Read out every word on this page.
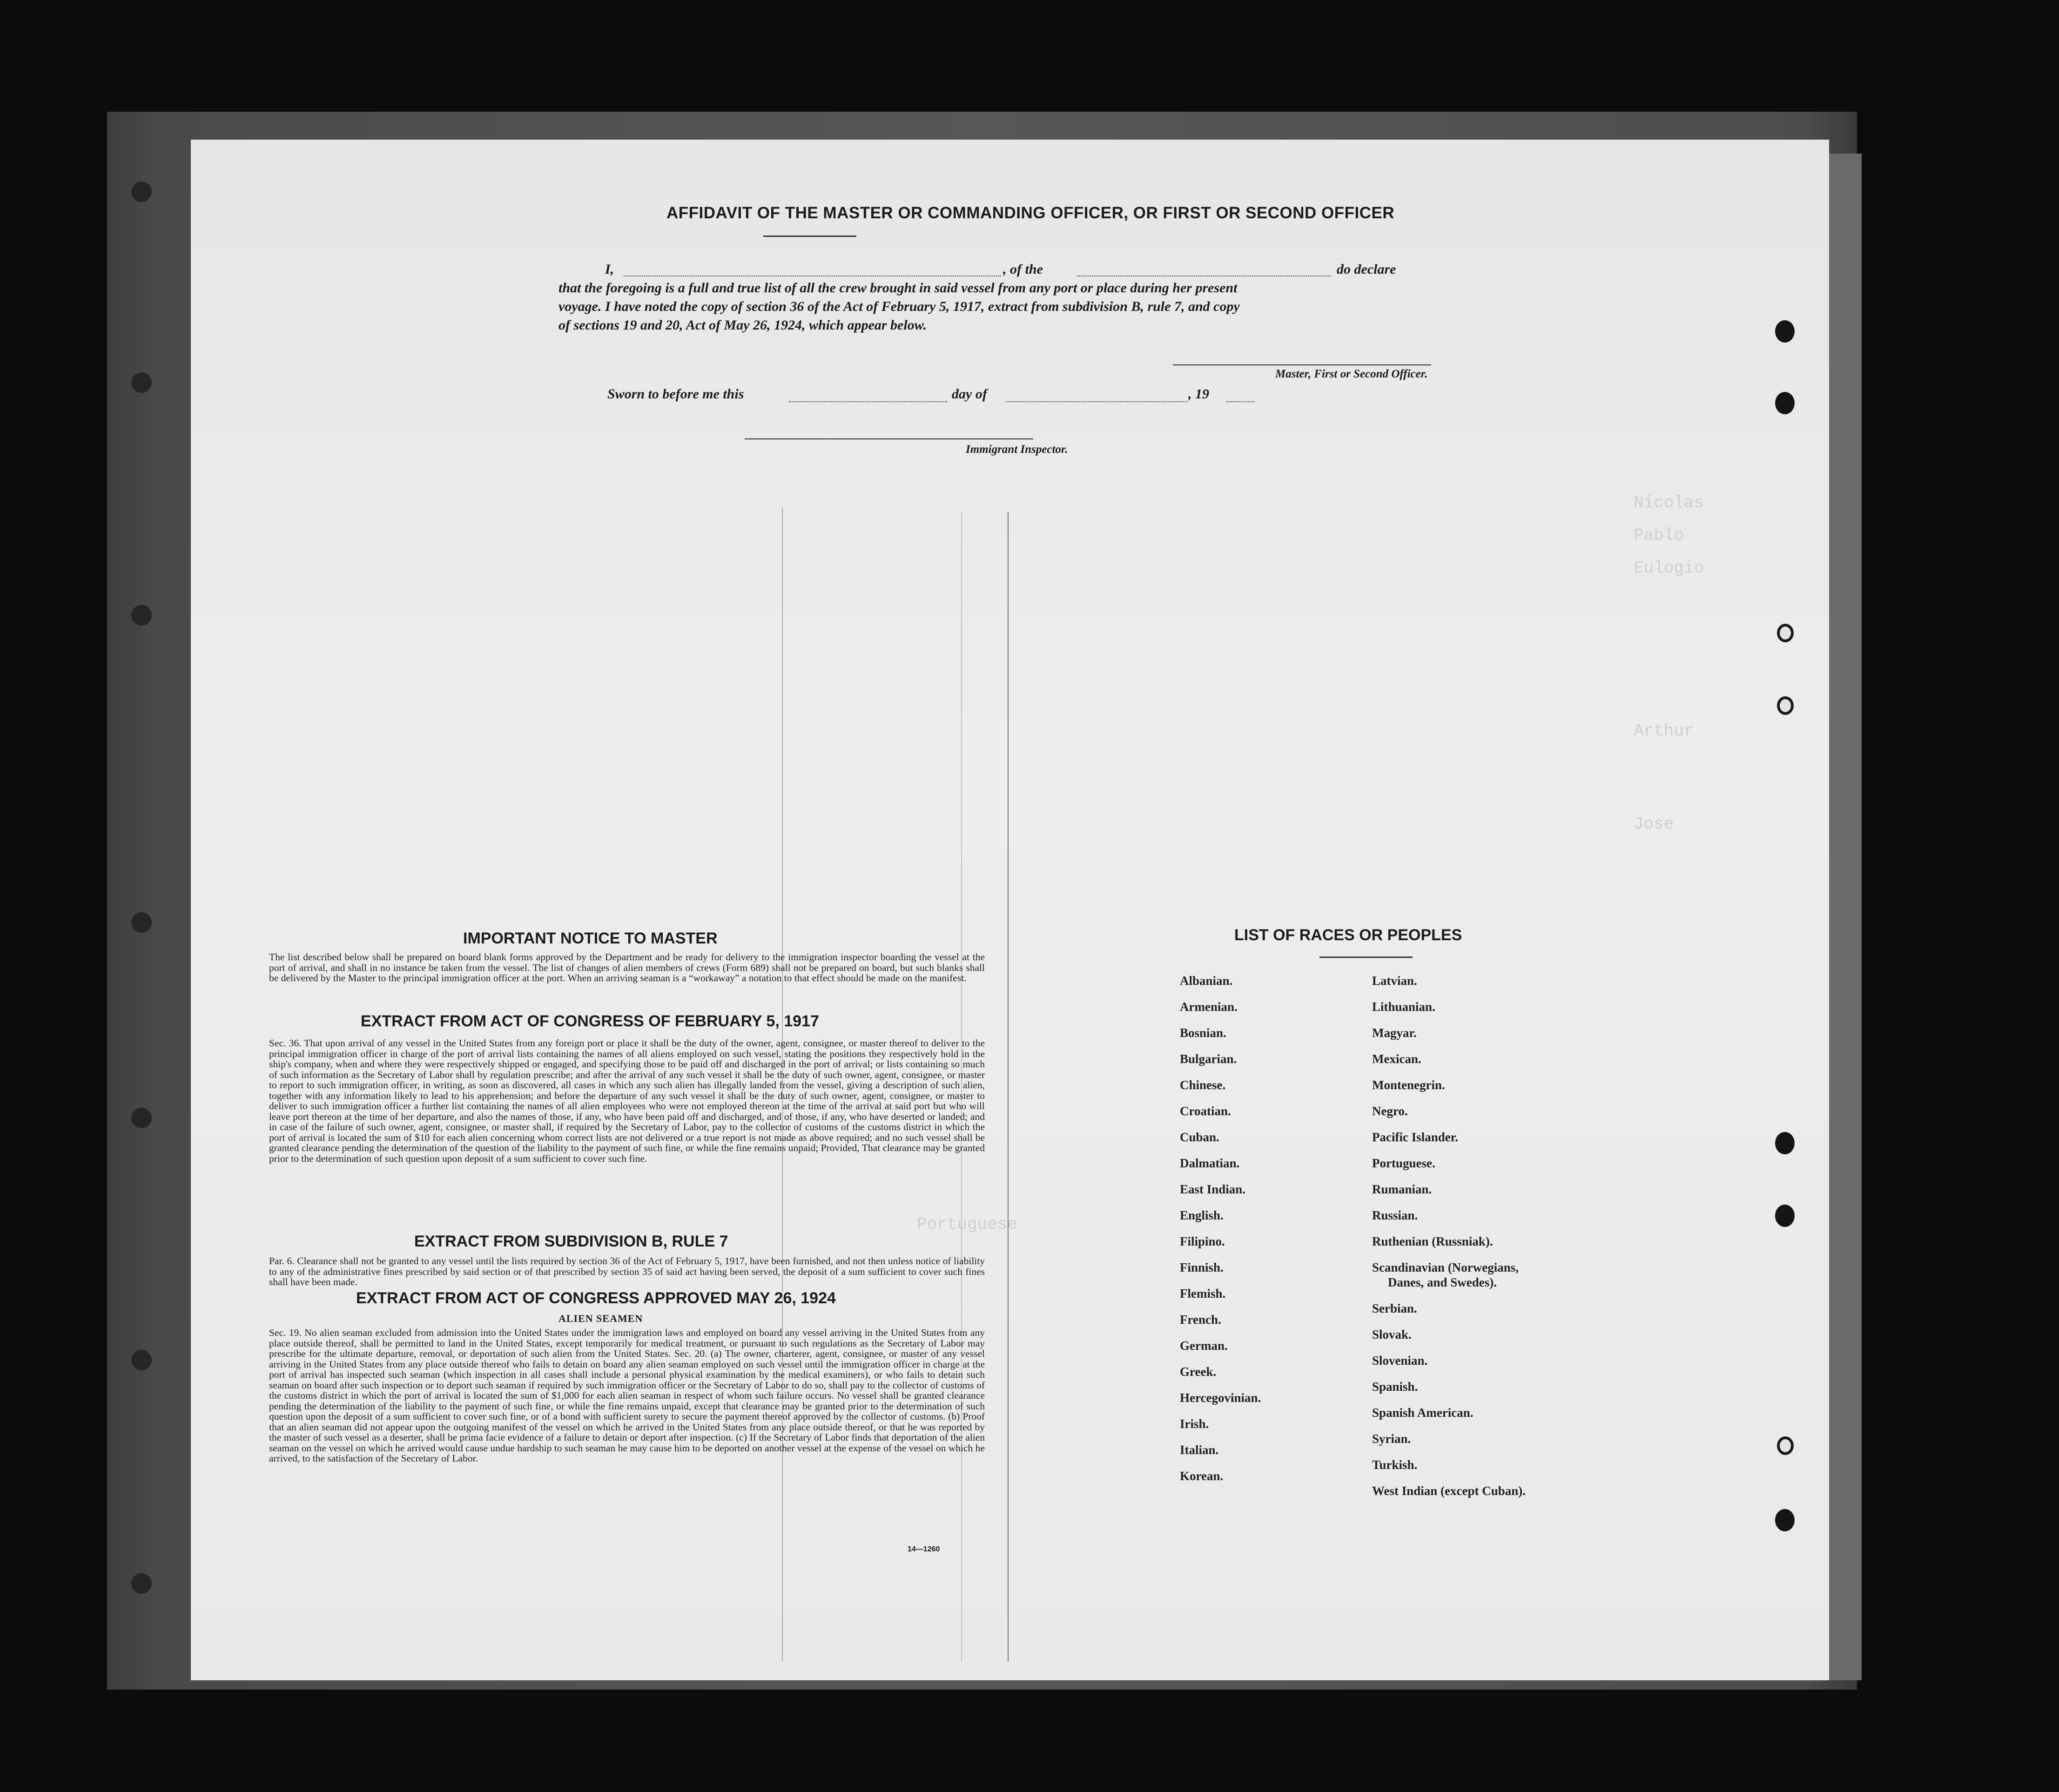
Nicolas
Pablo
Eulogio
Arthur
Jose
Portuguese
AFFIDAVIT OF THE MASTER OR COMMANDING OFFICER, OR FIRST OR SECOND OFFICER
I,	, of the	do declare
that the foregoing is a full and true list of all the crew brought in said vessel from any port or place during her present
voyage. I have noted the copy of section 36 of the Act of February 5, 1917, extract from subdivision B, rule 7, and copy
of sections 19 and 20, Act of May 26, 1924, which appear below.
Master, First or Second Officer.
Sworn to before me this	day of	, 19
Immigrant Inspector.
IMPORTANT NOTICE TO MASTER
The list described below shall be prepared on board blank forms approved by the Department and be ready for delivery to the immigration inspector boarding the vessel at the port of arrival, and shall in no instance be taken from the vessel. The list of changes of alien members of crews (Form 689) shall not be prepared on board, but such blanks shall be delivered by the Master to the principal immigration officer at the port. When an arriving seaman is a “workaway” a notation to that effect should be made on the manifest.
EXTRACT FROM ACT OF CONGRESS OF FEBRUARY 5, 1917
Sec. 36. That upon arrival of any vessel in the United States from any foreign port or place it shall be the duty of the owner, agent, consignee, or master thereof to deliver to the principal immigration officer in charge of the port of arrival lists containing the names of all aliens employed on such vessel, stating the positions they respectively hold in the ship's company, when and where they were respectively shipped or engaged, and specifying those to be paid off and discharged in the port of arrival; or lists containing so much of such information as the Secretary of Labor shall by regulation prescribe; and after the arrival of any such vessel it shall be the duty of such owner, agent, consignee, or master to report to such immigration officer, in writing, as soon as discovered, all cases in which any such alien has illegally landed from the vessel, giving a description of such alien, together with any information likely to lead to his apprehension; and before the departure of any such vessel it shall be the duty of such owner, agent, consignee, or master to deliver to such immigration officer a further list containing the names of all alien employees who were not employed thereon at the time of the arrival at said port but who will leave port thereon at the time of her departure, and also the names of those, if any, who have been paid off and discharged, and of those, if any, who have deserted or landed; and in case of the failure of such owner, agent, consignee, or master shall, if required by the Secretary of Labor, pay to the collector of customs of the customs district in which the port of arrival is located the sum of $10 for each alien concerning whom correct lists are not delivered or a true report is not made as above required; and no such vessel shall be granted clearance pending the determination of the question of the liability to the payment of such fine, or while the fine remains unpaid; Provided, That clearance may be granted prior to the determination of such question upon deposit of a sum sufficient to cover such fine.
EXTRACT FROM SUBDIVISION B, RULE 7
Par. 6. Clearance shall not be granted to any vessel until the lists required by section 36 of the Act of February 5, 1917, have been furnished, and not then unless notice of liability to any of the administrative fines prescribed by said section or of that prescribed by section 35 of said act having been served, the deposit of a sum sufficient to cover such fines shall have been made.
EXTRACT FROM ACT OF CONGRESS APPROVED MAY 26, 1924
ALIEN SEAMEN
Sec. 19. No alien seaman excluded from admission into the United States under the immigration laws and employed on board any vessel arriving in the United States from any place outside thereof, shall be permitted to land in the United States, except temporarily for medical treatment, or pursuant to such regulations as the Secretary of Labor may prescribe for the ultimate departure, removal, or deportation of such alien from the United States. Sec. 20. (a) The owner, charterer, agent, consignee, or master of any vessel arriving in the United States from any place outside thereof who fails to detain on board any alien seaman employed on such vessel until the immigration officer in charge at the port of arrival has inspected such seaman (which inspection in all cases shall include a personal physical examination by the medical examiners), or who fails to detain such seaman on board after such inspection or to deport such seaman if required by such immigration officer or the Secretary of Labor to do so, shall pay to the collector of customs of the customs district in which the port of arrival is located the sum of $1,000 for each alien seaman in respect of whom such failure occurs. No vessel shall be granted clearance pending the determination of the liability to the payment of such fine, or while the fine remains unpaid, except that clearance may be granted prior to the determination of such question upon the deposit of a sum sufficient to cover such fine, or of a bond with sufficient surety to secure the payment thereof approved by the collector of customs. (b) Proof that an alien seaman did not appear upon the outgoing manifest of the vessel on which he arrived in the United States from any place outside thereof, or that he was reported by the master of such vessel as a deserter, shall be prima facie evidence of a failure to detain or deport after inspection. (c) If the Secretary of Labor finds that deportation of the alien seaman on the vessel on which he arrived would cause undue hardship to such seaman he may cause him to be deported on another vessel at the expense of the vessel on which he arrived, to the satisfaction of the Secretary of Labor.
14—1260
LIST OF RACES OR PEOPLES
Albanian.
Armenian.
Bosnian.
Bulgarian.
Chinese.
Croatian.
Cuban.
Dalmatian.
East Indian.
English.
Filipino.
Finnish.
Flemish.
French.
German.
Greek.
Hercegovinian.
Irish.
Italian.
Korean.
Latvian.
Lithuanian.
Magyar.
Mexican.
Montenegrin.
Negro.
Pacific Islander.
Portuguese.
Rumanian.
Russian.
Ruthenian (Russniak).
Scandinavian (Norwegians,
Danes, and Swedes).
Serbian.
Slovak.
Slovenian.
Spanish.
Spanish American.
Syrian.
Turkish.
West Indian (except Cuban).
